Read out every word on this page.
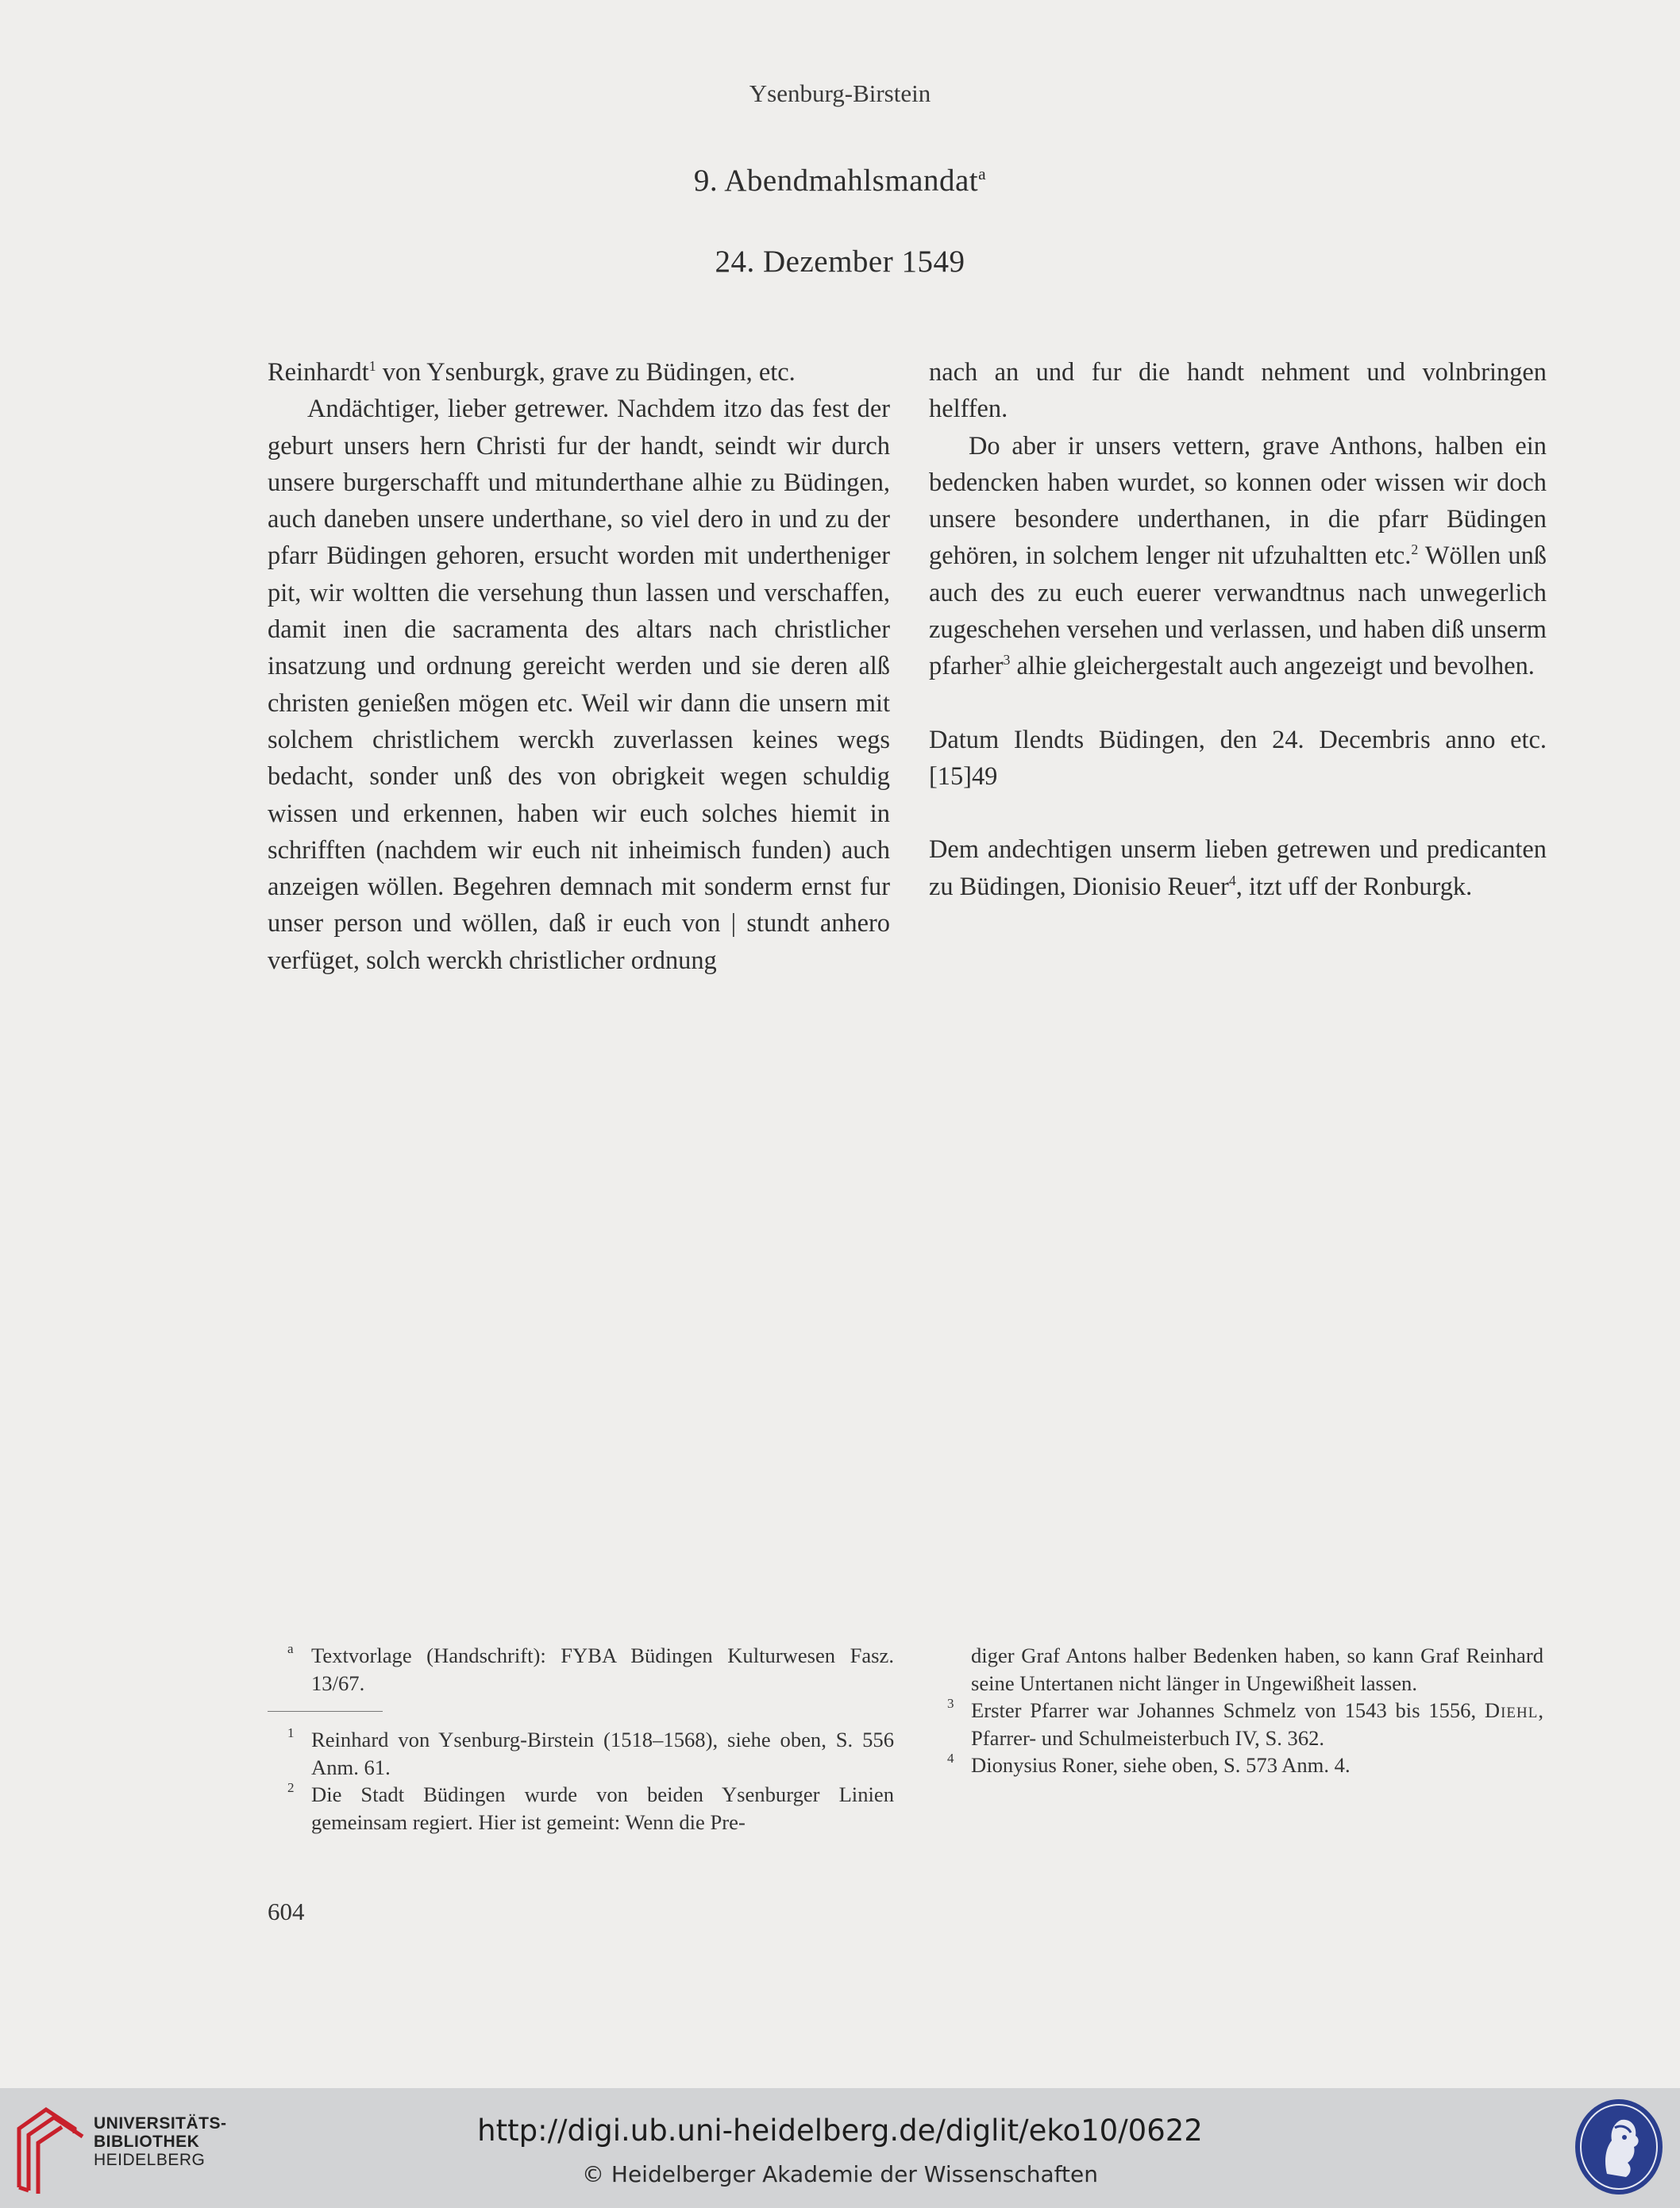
Ysenburg-Birstein
9. Abendmahlsmandat$^a$
24. Dezember 1549

Reinhardt$^1$ von Ysenburgk, grave zu Büdingen, etc.

Andächtiger, lieber getrewer. Nachdem itzo das fest der geburt unsers hern Christi fur der handt, seindt wir durch unsere burgerschafft und mitunderthane alhie zu Büdingen, auch daneben unsere underthane, so viel dero in und zu der pfarr Büdingen gehoren, ersucht worden mit undertheniger pit, wir woltten die versehung thun lassen und verschaffen, damit inen die sacramenta des altars nach christlicher insatzung und ordnung gereicht werden und sie deren alß christen genießen mögen etc. Weil wir dann die unsern mit solchem christlichem werckh zuverlassen keines wegs bedacht, sonder unß des von obrigkeit wegen schuldig wissen und erkennen, haben wir euch solches hiemit in schrifften (nachdem wir euch nit inheimisch funden) auch anzeigen wöllen. Begehren demnach mit sonderm ernst fur unser person und wöllen, daß ir euch von | stundt anhero verfüget, solch werckh christlicher ordnung

nach an und fur die handt nehment und volnbringen helffen.

Do aber ir unsers vettern, grave Anthons, halben ein bedencken haben wurdet, so konnen oder wissen wir doch unsere besondere underthanen, in die pfarr Büdingen gehören, in solchem lenger nit ufzuhaltten etc.$^2$ Wöllen unß auch des zu euch euerer verwandtnus nach unwegerlich zugeschehen versehen und verlassen, und haben diß unserm pfarher$^3$ alhie gleichergestalt auch angezeigt und bevolhen.

Datum Ilendts Büdingen, den 24. Decembris anno etc. [15]49

Dem andechtigen unserm lieben getrewen und predicanten zu Büdingen, Dionisio Reuer$^4$, itzt uff der Ronburgk.

a Textvorlage (Handschrift): FYBA Büdingen Kulturwesen Fasz. 13/67.

1 Reinhard von Ysenburg-Birstein (1518–1568), siehe oben, S. 556 Anm. 61.

2 Die Stadt Büdingen wurde von beiden Ysenburger Linien gemeinsam regiert. Hier ist gemeint: Wenn die Pre-

diger Graf Antons halber Bedenken haben, so kann Graf Reinhard seine Untertanen nicht länger in Ungewißheit lassen.

3 Erster Pfarrer war Johannes Schmelz von 1543 bis 1556, Diehl, Pfarrer- und Schulmeisterbuch IV, S. 362.

4 Dionysius Roner, siehe oben, S. 573 Anm. 4.

604
UNIVERSITÄTS-
BIBLIOTHEK
HEIDELBERG
http://digi.ub.uni-heidelberg.de/diglit/eko10/0622
© Heidelberger Akademie der Wissenschaften
